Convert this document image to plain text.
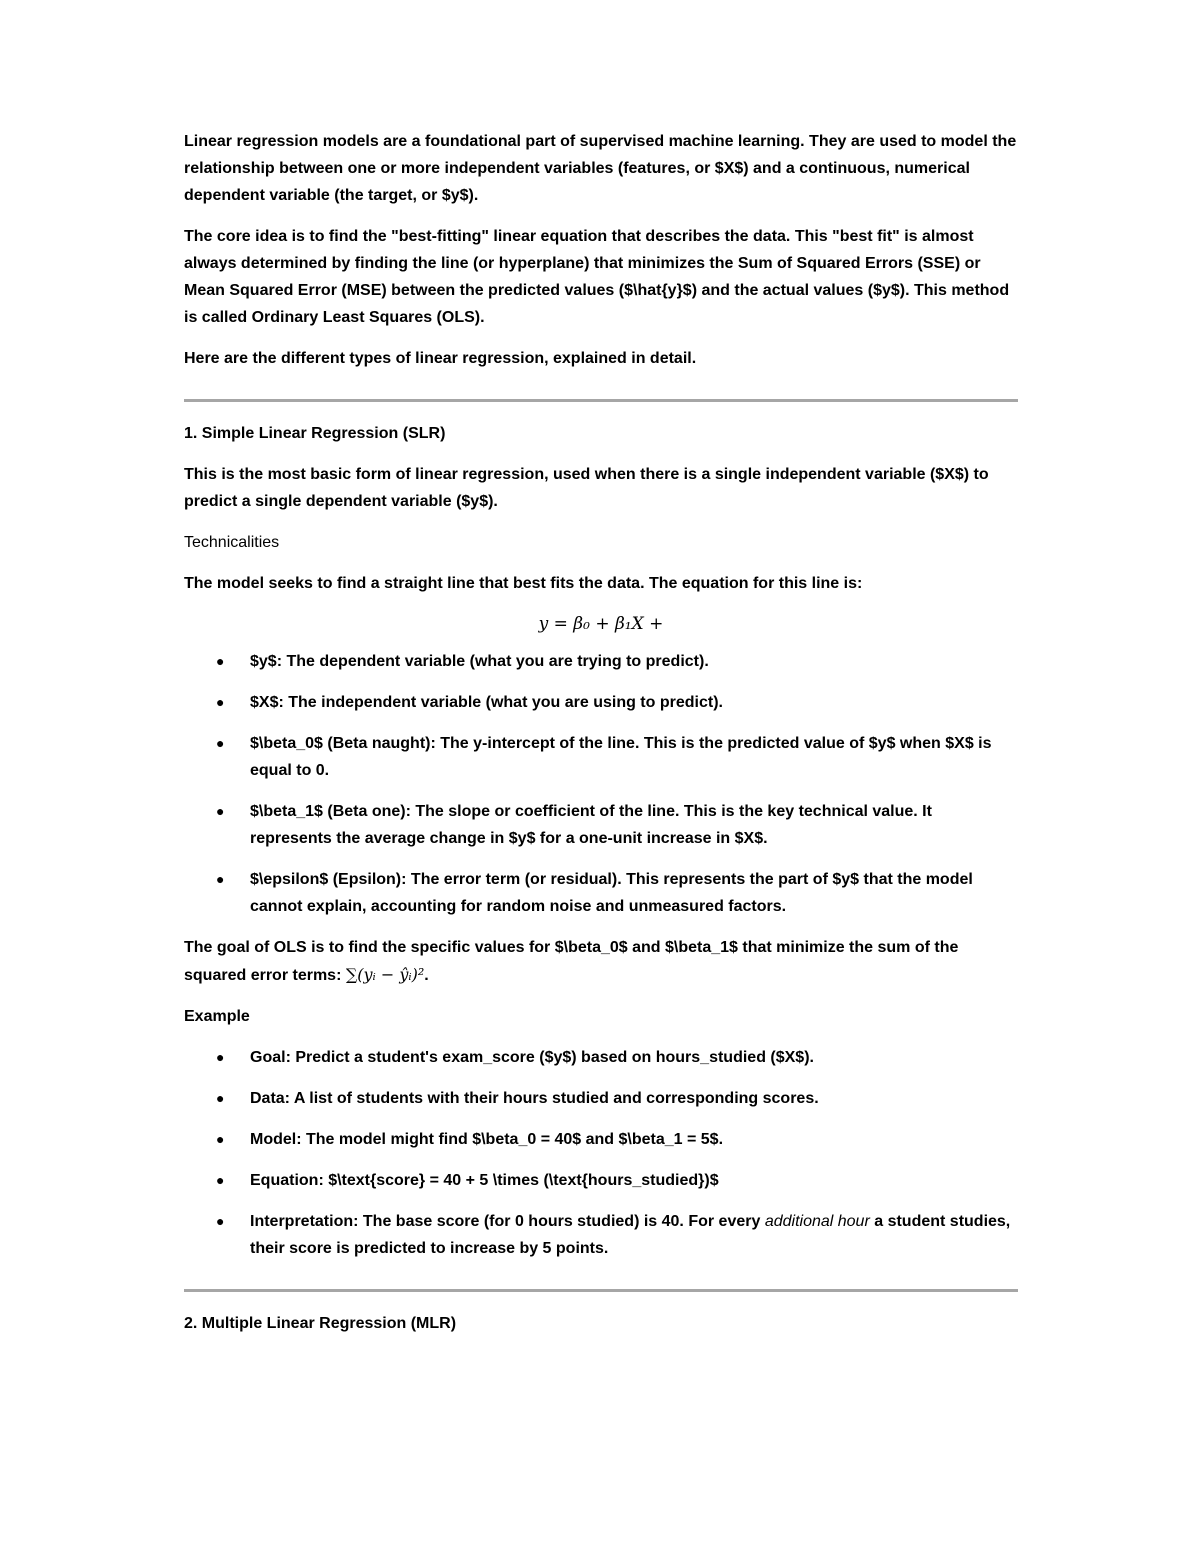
Linear regression models are a foundational part of supervised machine learning. They are used to model the relationship between one or more independent variables (features, or $X$) and a continuous, numerical dependent variable (the target, or $y$).

The core idea is to find the "best-fitting" linear equation that describes the data. This "best fit" is almost always determined by finding the line (or hyperplane) that minimizes the Sum of Squared Errors (SSE) or Mean Squared Error (MSE) between the predicted values ($\hat{y}$) and the actual values ($y$). This method is called Ordinary Least Squares (OLS).

Here are the different types of linear regression, explained in detail.

1. Simple Linear Regression (SLR)

This is the most basic form of linear regression, used when there is a single independent variable ($X$) to predict a single dependent variable ($y$).

Technicalities

The model seeks to find a straight line that best fits the data. The equation for this line is:

y = β₀ + β₁X +
● $y$: The dependent variable (what you are trying to predict).
● $X$: The independent variable (what you are using to predict).
● $\beta_0$ (Beta naught): The y-intercept of the line. This is the predicted value of $y$ when $X$ is equal to 0.
● $\beta_1$ (Beta one): The slope or coefficient of the line. This is the key technical value. It represents the average change in $y$ for a one-unit increase in $X$.
● $\epsilon$ (Epsilon): The error term (or residual). This represents the part of $y$ that the model cannot explain, accounting for random noise and unmeasured factors.

The goal of OLS is to find the specific values for $\beta_0$ and $\beta_1$ that minimize the sum of the squared error terms: ∑(yᵢ − ŷᵢ)².

Example

● Goal: Predict a student's exam_score ($y$) based on hours_studied ($X$).
● Data: A list of students with their hours studied and corresponding scores.
● Model: The model might find $\beta_0 = 40$ and $\beta_1 = 5$.
● Equation: $\text{score} = 40 + 5 \times (\text{hours_studied})$
● Interpretation: The base score (for 0 hours studied) is 40. For every additional hour a student studies, their score is predicted to increase by 5 points.

2. Multiple Linear Regression (MLR)
